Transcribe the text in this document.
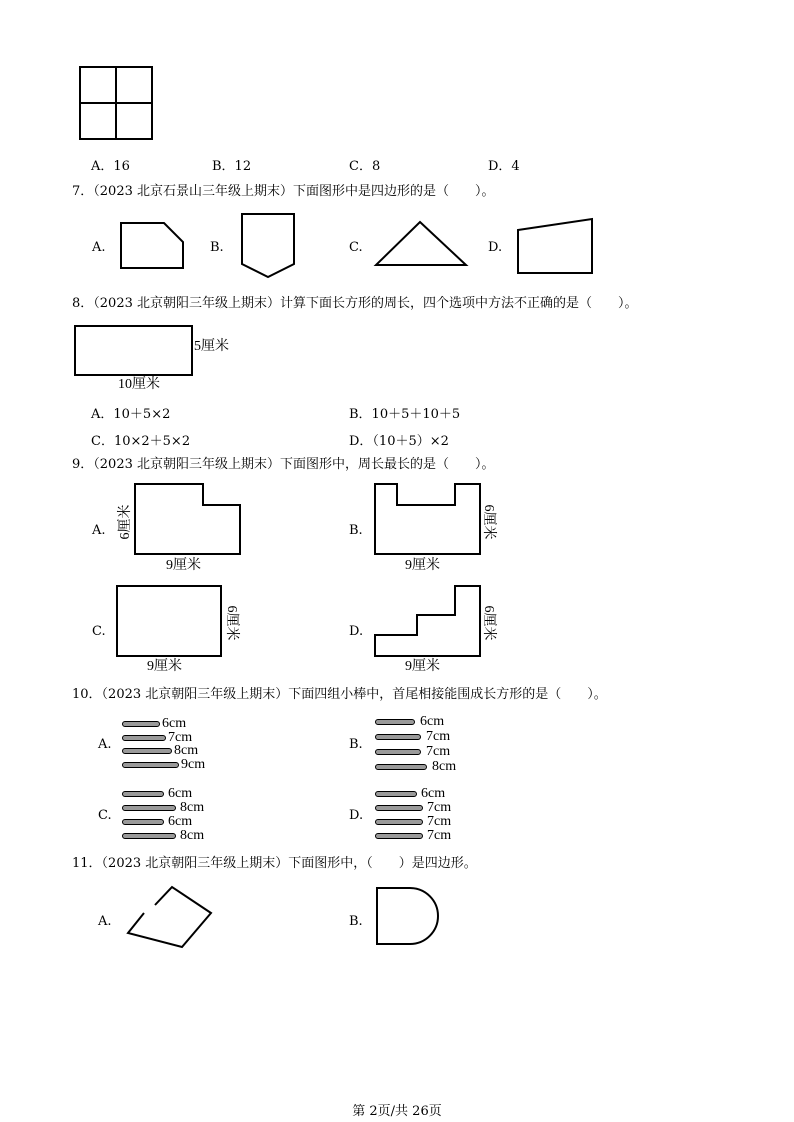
A．16	B．12	C．8	D．4
7．（2023 北京石景山三年级上期末）下面图形中是四边形的是（　　）。
A.	B.	C.	D.
8．（2023 北京朝阳三年级上期末）计算下面长方形的周长，四个选项中方法不正确的是（　　）。
5厘米
10厘米
A．10＋5×2	B．10＋5＋10＋5
C．10×2＋5×2	D．（10＋5）×2
9．（2023 北京朝阳三年级上期末）下面图形中，周长最长的是（　　）。
A. 6厘米
9厘米
B.	6厘米
9厘米
C.	6厘米
9厘米
D.	6厘米
9厘米
10．（2023 北京朝阳三年级上期末）下面四组小棒中，首尾相接能围成长方形的是（　　）。
A.
6cm
7cm
8cm
9cm
B.
6cm
7cm
7cm
8cm
C.
6cm
8cm
6cm
8cm
D.
6cm
7cm
7cm
7cm
11．（2023 北京朝阳三年级上期末）下面图形中，（　　）是四边形。
A.	B.
第 2页/共 26页
